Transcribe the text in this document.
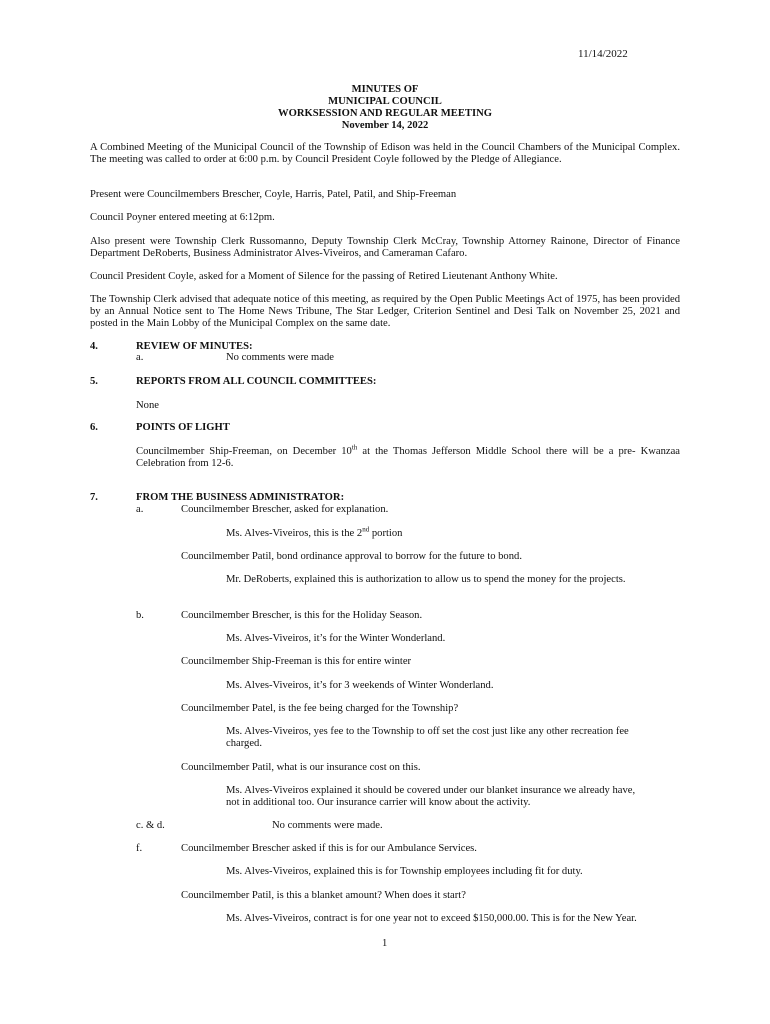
11/14/2022
MINUTES OF
MUNICIPAL COUNCIL
WORKSESSION AND REGULAR MEETING
November 14, 2022
A Combined Meeting of the Municipal Council of the Township of Edison was held in the Council Chambers of the Municipal Complex. The meeting was called to order at 6:00 p.m. by Council President Coyle followed by the Pledge of Allegiance.
Present were Councilmembers Brescher, Coyle, Harris, Patel, Patil, and Ship-Freeman
Council Poyner entered meeting at 6:12pm.
Also present were Township Clerk Russomanno, Deputy Township Clerk McCray, Township Attorney Rainone, Director of Finance Department DeRoberts, Business Administrator Alves-Viveiros, and Cameraman Cafaro.
Council President Coyle, asked for a Moment of Silence for the passing of Retired Lieutenant Anthony White.
The Township Clerk advised that adequate notice of this meeting, as required by the Open Public Meetings Act of 1975, has been provided by an Annual Notice sent to The Home News Tribune, The Star Ledger, Criterion Sentinel and Desi Talk on November 25, 2021 and posted in the Main Lobby of the Municipal Complex on the same date.
4.	REVIEW OF MINUTES:
a.	No comments were made
5.	REPORTS FROM ALL COUNCIL COMMITTEES:
None
6.	POINTS OF LIGHT
Councilmember Ship-Freeman, on December 10th at the Thomas Jefferson Middle School there will be a pre- Kwanzaa Celebration from 12-6.
7.	FROM THE BUSINESS ADMINISTRATOR:
a.	Councilmember Brescher, asked for explanation.
Ms. Alves-Viveiros, this is the 2nd portion
Councilmember Patil, bond ordinance approval to borrow for the future to bond.
Mr. DeRoberts, explained this is authorization to allow us to spend the money for the projects.
b.	Councilmember Brescher, is this for the Holiday Season.
Ms. Alves-Viveiros, it’s for the Winter Wonderland.
Councilmember Ship-Freeman is this for entire winter
Ms. Alves-Viveiros, it’s for 3 weekends of Winter Wonderland.
Councilmember Patel, is the fee being charged for the Township?
Ms. Alves-Viveiros, yes fee to the Township to off set the cost just like any other recreation fee charged.
Councilmember Patil, what is our insurance cost on this.
Ms. Alves-Viveiros explained it should be covered under our blanket insurance we already have, not in additional too. Our insurance carrier will know about the activity.
c. & d.	No comments were made.
f.	Councilmember Brescher asked if this is for our Ambulance Services.
Ms. Alves-Viveiros, explained this is for Township employees including fit for duty.
Councilmember Patil, is this a blanket amount? When does it start?
Ms. Alves-Viveiros, contract is for one year not to exceed $150,000.00. This is for the New Year.
1
